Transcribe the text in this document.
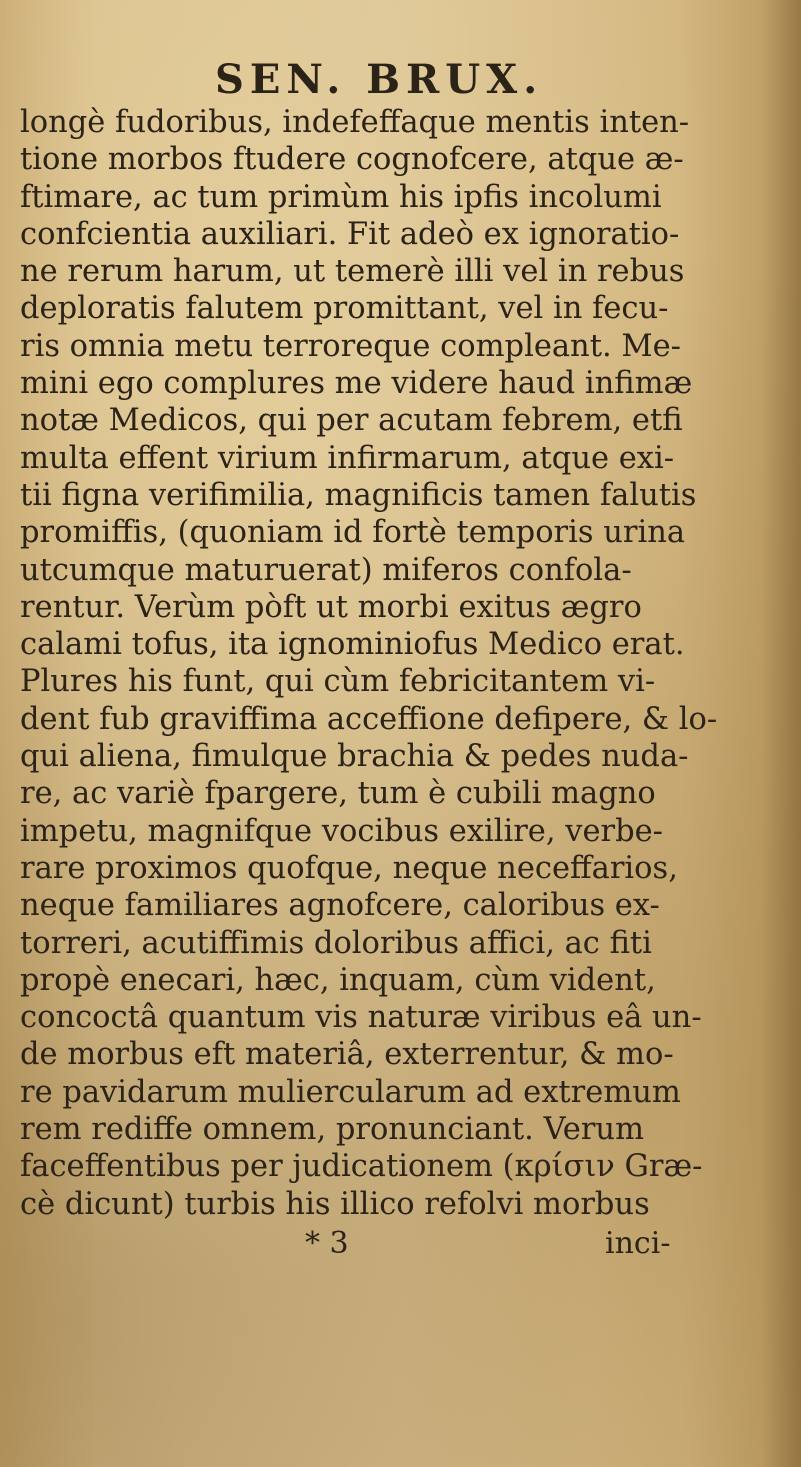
SEN. BRUX.
longè fudoribus, indefeffaque mentis inten-
tione morbos ftudere cognofcere, atque æ-
ftimare, ac tum primùm his ipfis incolumi
confcientia auxiliari. Fit adeò ex ignoratio-
ne rerum harum, ut temerè illi vel in rebus
deploratis falutem promittant, vel in fecu-
ris omnia metu terroreque compleant. Me-
mini ego complures me videre haud infimæ
notæ Medicos, qui per acutam febrem, etfi
multa effent virium infirmarum, atque exi-
tii figna verifimilia, magnificis tamen falutis
promiffis, (quoniam id fortè temporis urina
utcumque maturuerat) miferos confola-
rentur. Verùm pòft ut morbi exitus ægro
calami tofus, ita ignominiofus Medico erat.
Plures his funt, qui cùm febricitantem vi-
dent fub graviffima acceffione defipere, & lo-
qui aliena, fimulque brachia & pedes nuda-
re, ac variè fpargere, tum è cubili magno
impetu, magnifque vocibus exilire, verbe-
rare proximos quofque, neque neceffarios,
neque familiares agnofcere, caloribus ex-
torreri, acutiffimis doloribus affici, ac fiti
propè enecari, hæc, inquam, cùm vident,
concoctâ quantum vis naturæ viribus eâ un-
de morbus eft materiâ, exterrentur, & mo-
re pavidarum muliercularum ad extremum
rem rediffe omnem, pronunciant. Verum
faceffentibus per judicationem (κρίσιν Græ-
cè dicunt) turbis his illico refolvi morbus
* 3	inci-
